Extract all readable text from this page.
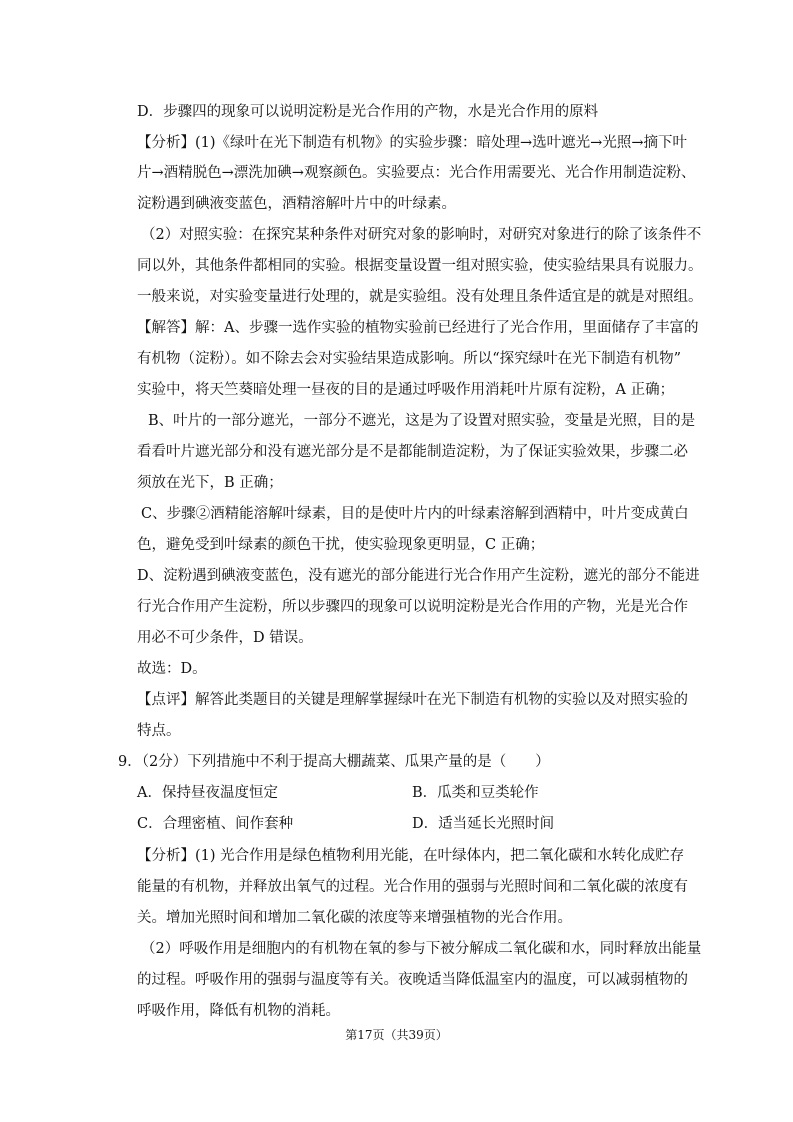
D．步骤四的现象可以说明淀粉是光合作用的产物，水是光合作用的原料
【分析】(1)《绿叶在光下制造有机物》的实验步骤：暗处理→选叶遮光→光照→摘下叶
片→酒精脱色→漂洗加碘→观察颜色。实验要点：光合作用需要光、光合作用制造淀粉、
淀粉遇到碘液变蓝色，酒精溶解叶片中的叶绿素。
（2）对照实验：在探究某种条件对研究对象的影响时，对研究对象进行的除了该条件不
同以外，其他条件都相同的实验。根据变量设置一组对照实验，使实验结果具有说服力。
一般来说，对实验变量进行处理的，就是实验组。没有处理且条件适宜是的就是对照组。
【解答】解：A、步骤一选作实验的植物实验前已经进行了光合作用，里面储存了丰富的
有机物（淀粉）。如不除去会对实验结果造成影响。所以“探究绿叶在光下制造有机物”
实验中，将天竺葵暗处理一昼夜的目的是通过呼吸作用消耗叶片原有淀粉，A 正确；
B、叶片的一部分遮光，一部分不遮光，这是为了设置对照实验，变量是光照，目的是
看看叶片遮光部分和没有遮光部分是不是都能制造淀粉，为了保证实验效果，步骤二必
须放在光下，B 正确；
C、步骤②酒精能溶解叶绿素，目的是使叶片内的叶绿素溶解到酒精中，叶片变成黄白
色，避免受到叶绿素的颜色干扰，使实验现象更明显，C 正确；
D、淀粉遇到碘液变蓝色，没有遮光的部分能进行光合作用产生淀粉，遮光的部分不能进
行光合作用产生淀粉，所以步骤四的现象可以说明淀粉是光合作用的产物，光是光合作
用必不可少条件，D 错误。
故选：D。
【点评】解答此类题目的关键是理解掌握绿叶在光下制造有机物的实验以及对照实验的
特点。
9．（2分）下列措施中不利于提高大棚蔬菜、瓜果产量的是（　　）
A．保持昼夜温度恒定	B．瓜类和豆类轮作
C．合理密植、间作套种	D．适当延长光照时间
【分析】(1) 光合作用是绿色植物利用光能，在叶绿体内，把二氧化碳和水转化成贮存
能量的有机物，并释放出氧气的过程。光合作用的强弱与光照时间和二氧化碳的浓度有
关。增加光照时间和增加二氧化碳的浓度等来增强植物的光合作用。
（2）呼吸作用是细胞内的有机物在氧的参与下被分解成二氧化碳和水，同时释放出能量
的过程。呼吸作用的强弱与温度等有关。夜晚适当降低温室内的温度，可以减弱植物的
呼吸作用，降低有机物的消耗。
第17页（共39页）
